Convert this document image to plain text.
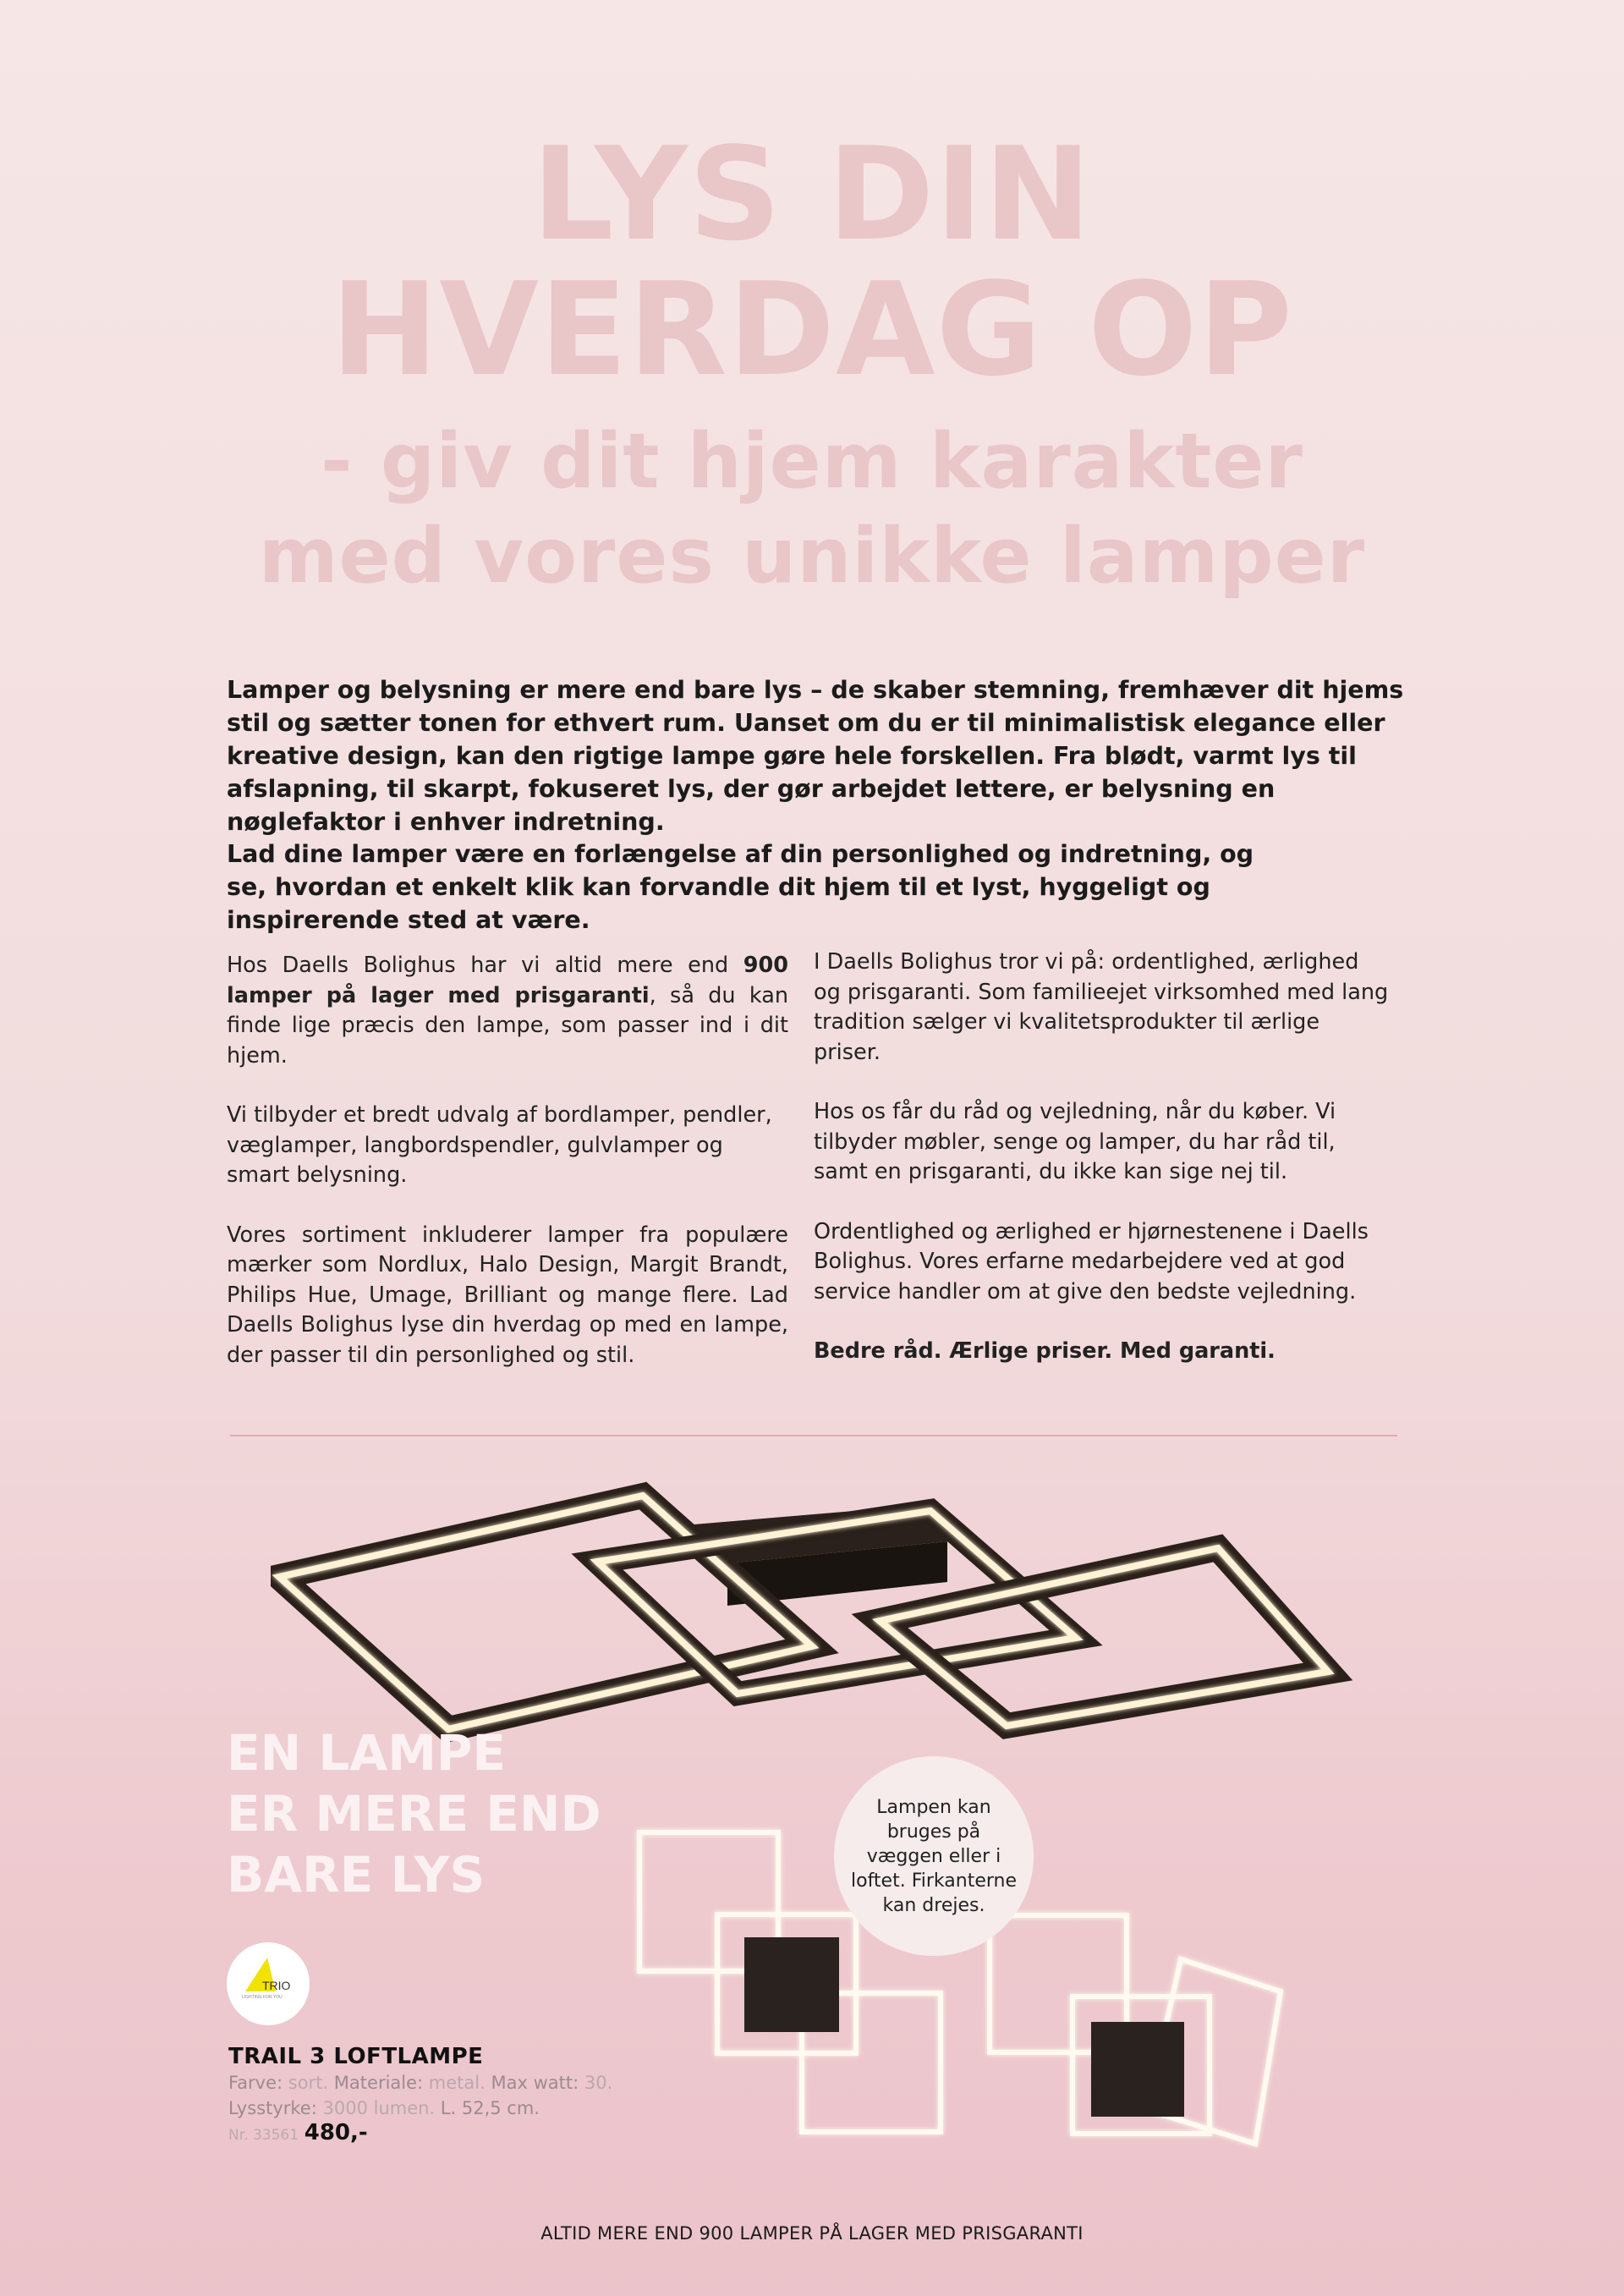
LYS DIN
HVERDAG OP
- giv dit hjem karakter
med vores unikke lamper

Lamper og belysning er mere end bare lys – de skaber stemning, fremhæver dit hjems stil og sætter tonen for ethvert rum. Uanset om du er til minimalistisk elegance eller kreative design, kan den rigtige lampe gøre hele forskellen. Fra blødt, varmt lys til afslapning, til skarpt, fokuseret lys, der gør arbejdet lettere, er belysning en nøglefaktor i enhver indretning.

Lad dine lamper være en forlængelse af din personlighed og indretning, og se, hvordan et enkelt klik kan forvandle dit hjem til et lyst, hyggeligt og inspirerende sted at være.

Hos Daells Bolighus har vi altid mere end 900 lamper på lager med prisgaranti, så du kan finde lige præcis den lampe, som passer ind i dit hjem.

Vi tilbyder et bredt udvalg af bordlamper, pendler, væglamper, langbordspendler, gulvlamper og smart belysning.

Vores sortiment inkluderer lamper fra populære mærker som Nordlux, Halo Design, Margit Brandt, Philips Hue, Umage, Brilliant og mange flere. Lad Daells Bolighus lyse din hverdag op med en lampe, der passer til din personlighed og stil.

I Daells Bolighus tror vi på: ordentlighed, ærlighed og prisgaranti. Som familieejet virksomhed med lang tradition sælger vi kvalitetsprodukter til ærlige priser.

Hos os får du råd og vejledning, når du køber. Vi tilbyder møbler, senge og lamper, du har råd til, samt en prisgaranti, du ikke kan sige nej til.

Ordentlighed og ærlighed er hjørnestenene i Daells Bolighus. Vores erfarne medarbejdere ved at god service handler om at give den bedste vejledning.

Bedre råd. Ærlige priser. Med garanti.

EN LAMPE
ER MERE END
BARE LYS
Lampen kan bruges på væggen eller i loftet. Firkanterne kan drejes.
TRIO
LIGHTING FOR YOU
TRAIL 3 LOFTLAMPE
Farve: sort. Materiale: metal. Max watt: 30.
Lysstyrke: 3000 lumen. L. 52,5 cm.
Nr. 33561 480,-
ALTID MERE END 900 LAMPER PÅ LAGER MED PRISGARANTI
